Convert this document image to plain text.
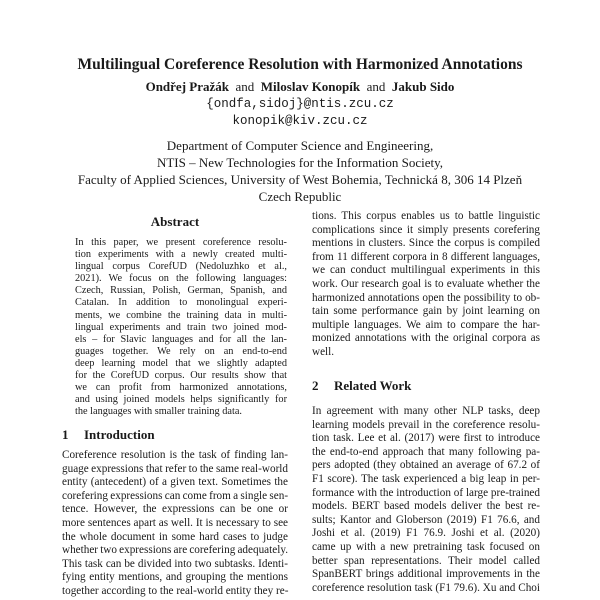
Multilingual Coreference Resolution with Harmonized Annotations
Ondřej Pražák and Miloslav Konopík and Jakub Sido
{ondfa,sidoj}@ntis.zcu.cz
konopik@kiv.zcu.cz
Department of Computer Science and Engineering,
NTIS – New Technologies for the Information Society,
Faculty of Applied Sciences, University of West Bohemia, Technická 8, 306 14 Plzeň
Czech Republic
Abstract
In this paper, we present coreference resolu-
tion experiments with a newly created multi-
lingual corpus CorefUD (Nedoluzhko et al.,
2021). We focus on the following languages:
Czech, Russian, Polish, German, Spanish, and
Catalan. In addition to monolingual experi-
ments, we combine the training data in multi-
lingual experiments and train two joined mod-
els – for Slavic languages and for all the lan-
guages together. We rely on an end-to-end
deep learning model that we slightly adapted
for the CorefUD corpus. Our results show that
we can profit from harmonized annotations,
and using joined models helps significantly for
the languages with smaller training data.
1 Introduction
Coreference resolution is the task of finding lan-
guage expressions that refer to the same real-world
entity (antecedent) of a given text. Sometimes the
corefering expressions can come from a single sen-
tence. However, the expressions can be one or
more sentences apart as well. It is necessary to see
the whole document in some hard cases to judge
whether two expressions are corefering adequately.
This task can be divided into two subtasks. Identi-
fying entity mentions, and grouping the mentions
together according to the real-world entity they re-
tions. This corpus enables us to battle linguistic
complications since it simply presents corefering
mentions in clusters. Since the corpus is compiled
from 11 different corpora in 8 different languages,
we can conduct multilingual experiments in this
work. Our research goal is to evaluate whether the
harmonized annotations open the possibility to ob-
tain some performance gain by joint learning on
multiple languages. We aim to compare the har-
monized annotations with the original corpora as
well.
2 Related Work
In agreement with many other NLP tasks, deep
learning models prevail in the coreference resolu-
tion task. Lee et al. (2017) were first to introduce
the end-to-end approach that many following pa-
pers adopted (they obtained an average of 67.2 of
F1 score). The task experienced a big leap in per-
formance with the introduction of large pre-trained
models. BERT based models deliver the best re-
sults; Kantor and Globerson (2019) F1 76.6, and
Joshi et al. (2019) F1 76.9. Joshi et al. (2020)
came up with a new pretraining task focused on
better span representations. Their model called
SpanBERT brings additional improvements in the
coreference resolution task (F1 79.6). Xu and Choi
